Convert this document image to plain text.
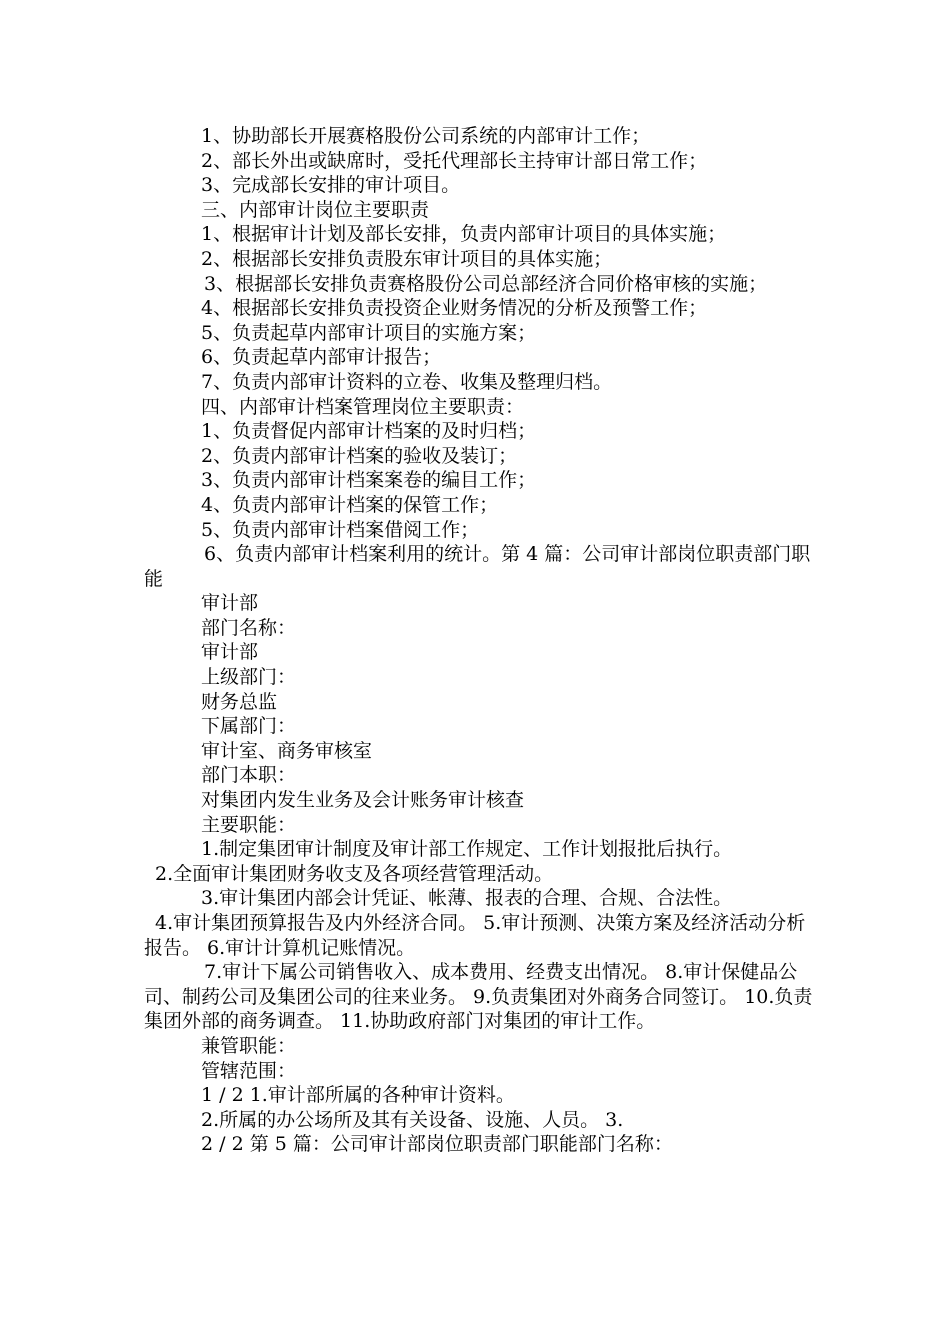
1、协助部长开展赛格股份公司系统的内部审计工作；

2、部长外出或缺席时，受托代理部长主持审计部日常工作；

3、完成部长安排的审计项目。

三、内部审计岗位主要职责

1、根据审计计划及部长安排，负责内部审计项目的具体实施；

2、根据部长安排负责股东审计项目的具体实施；

3、根据部长安排负责赛格股份公司总部经济合同价格审核的实施；

4、根据部长安排负责投资企业财务情况的分析及预警工作；

5、负责起草内部审计项目的实施方案；

6、负责起草内部审计报告；

7、负责内部审计资料的立卷、收集及整理归档。

四、内部审计档案管理岗位主要职责：

1、负责督促内部审计档案的及时归档；

2、负责内部审计档案的验收及装订；

3、负责内部审计档案案卷的编目工作；

4、负责内部审计档案的保管工作；

5、负责内部审计档案借阅工作；

6、负责内部审计档案利用的统计。第 4 篇：公司审计部岗位职责部门职能

审计部

部门名称：

审计部

上级部门：

财务总监

下属部门：

审计室、商务审核室

部门本职：

对集团内发生业务及会计账务审计核查

主要职能：

1.制定集团审计制度及审计部工作规定、工作计划报批后执行。

2.全面审计集团财务收支及各项经营管理活动。

3.审计集团内部会计凭证、帐薄、报表的合理、合规、合法性。

4.审计集团预算报告及内外经济合同。 5.审计预测、决策方案及经济活动分析报告。 6.审计计算机记账情况。

7.审计下属公司销售收入、成本费用、经费支出情况。 8.审计保健品公司、制药公司及集团公司的往来业务。 9.负责集团对外商务合同签订。 10.负责集团外部的商务调查。 11.协助政府部门对集团的审计工作。

兼管职能：

管辖范围：

1 / 2 1.审计部所属的各种审计资料。

2.所属的办公场所及其有关设备、设施、人员。 3.

2 / 2 第 5 篇：公司审计部岗位职责部门职能部门名称：
